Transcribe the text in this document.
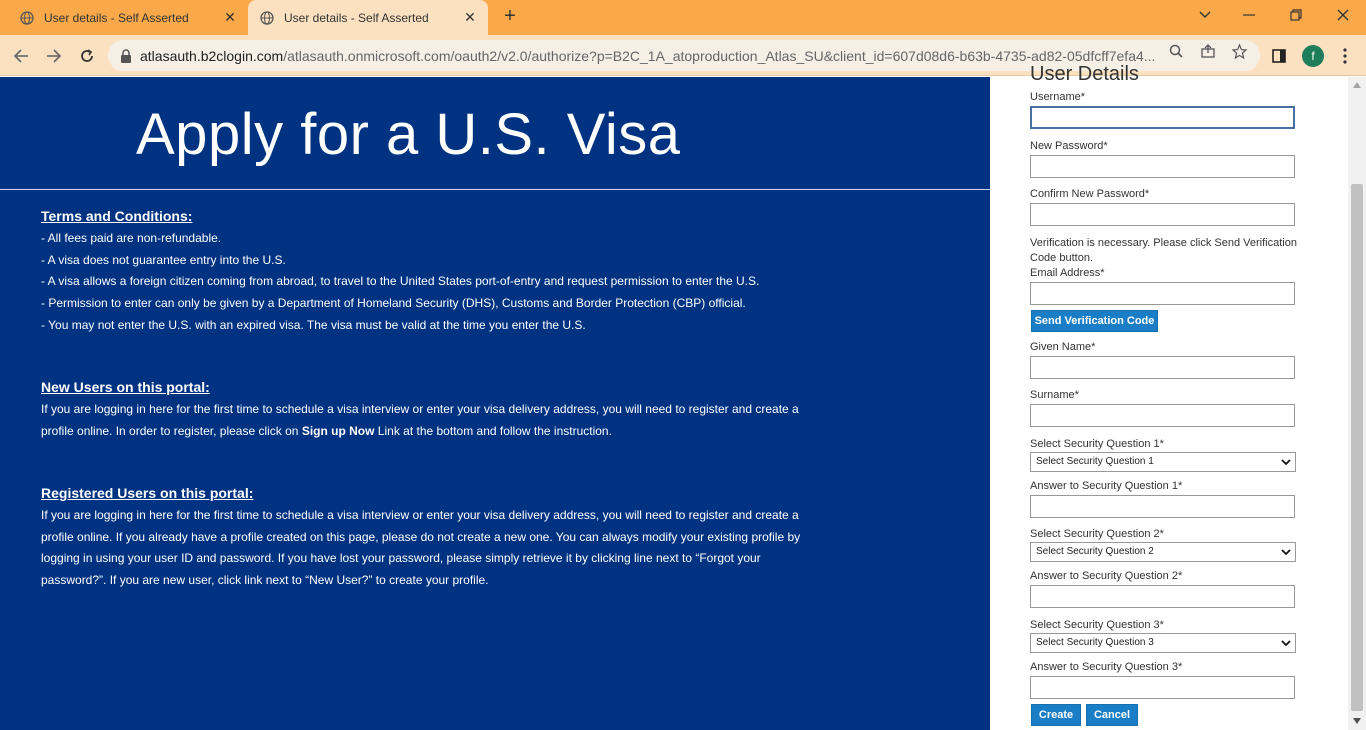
User details - Self Asserted	✕	User details - Self Asserted	✕	+
atlasauth.b2clogin.com/atlasauth.onmicrosoft.com/oauth2/v2.0/authorize?p=B2C_1A_atoproduction_Atlas_SU&client_id=607d08d6-b63b-4735-ad82-05dfcff7efa4...	f
Apply for a U.S. Visa
Terms and Conditions:

- All fees paid are non-refundable.

- A visa does not guarantee entry into the U.S.

- A visa allows a foreign citizen coming from abroad, to travel to the United States port-of-entry and request permission to enter the U.S.

- Permission to enter can only be given by a Department of Homeland Security (DHS), Customs and Border Protection (CBP) official.

- You may not enter the U.S. with an expired visa. The visa must be valid at the time you enter the U.S.

New Users on this portal:

If you are logging in here for the first time to schedule a visa interview or enter your visa delivery address, you will need to register and create a profile online. In order to register, please click on Sign up Now Link at the bottom and follow the instruction.

Registered Users on this portal:

If you are logging in here for the first time to schedule a visa interview or enter your visa delivery address, you will need to register and create a profile online. If you already have a profile created on this page, please do not create a new one. You can always modify your existing profile by logging in using your user ID and password. If you have lost your password, please simply retrieve it by clicking line next to “Forgot your password?”. If you are new user, click link next to “New User?” to create your profile.

User Details
Username*
New Password*
Confirm New Password*
Verification is necessary. Please click Send Verification Code button.
Email Address*
Send Verification Code
Given Name*
Surname*
Select Security Question 1*
Select Security Question 1
Answer to Security Question 1*
Select Security Question 2*
Select Security Question 2
Answer to Security Question 2*
Select Security Question 3*
Select Security Question 3
Answer to Security Question 3*
Create	Cancel
